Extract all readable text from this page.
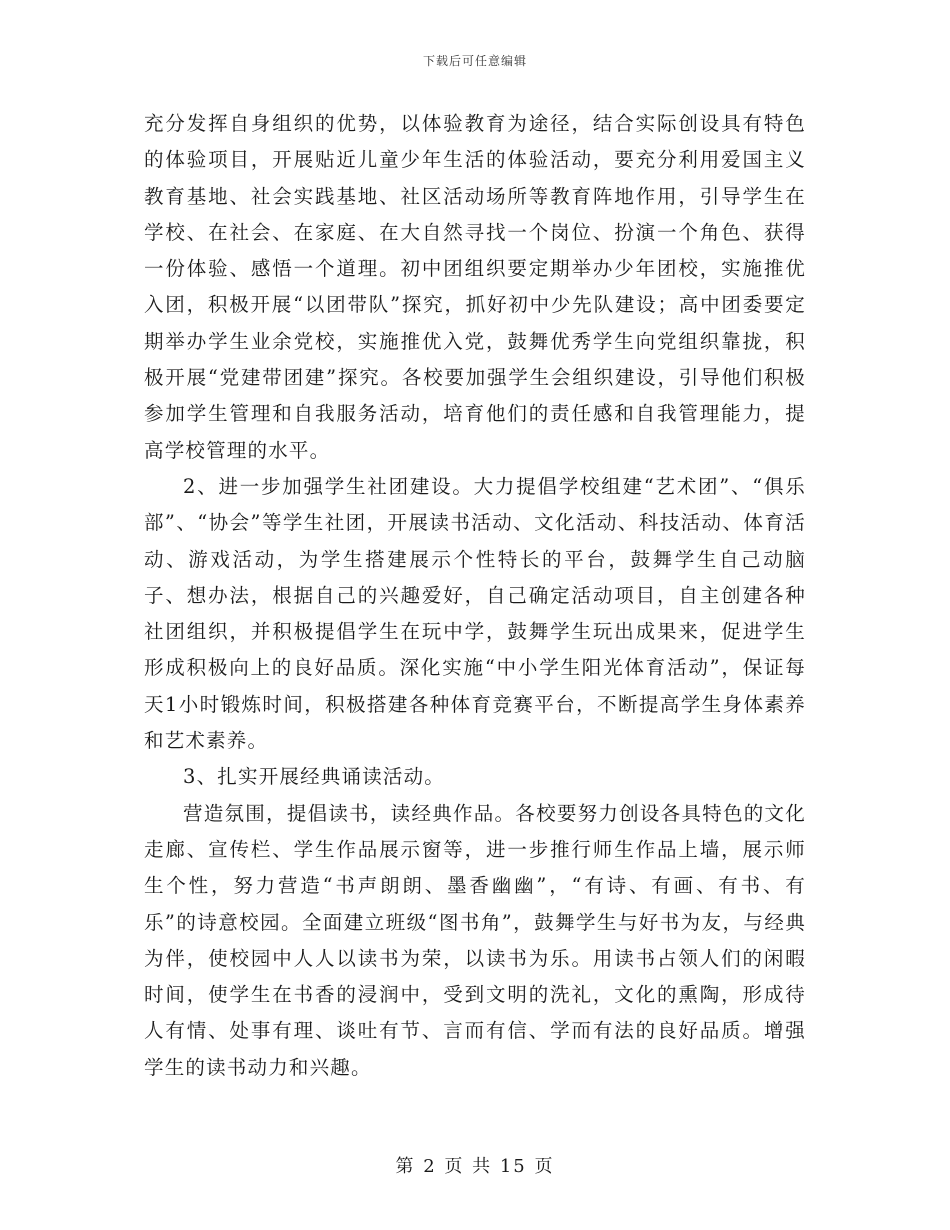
下载后可任意编辑

充分发挥自身组织的优势，以体验教育为途径，结合实际创设具有特色的体验项目，开展贴近儿童少年生活的体验活动，要充分利用爱国主义教育基地、社会实践基地、社区活动场所等教育阵地作用，引导学生在学校、在社会、在家庭、在大自然寻找一个岗位、扮演一个角色、获得一份体验、感悟一个道理。初中团组织要定期举办少年团校，实施推优入团，积极开展“以团带队”探究，抓好初中少先队建设；高中团委要定期举办学生业余党校，实施推优入党，鼓舞优秀学生向党组织靠拢，积极开展“党建带团建”探究。各校要加强学生会组织建设，引导他们积极参加学生管理和自我服务活动，培育他们的责任感和自我管理能力，提高学校管理的水平。

2、进一步加强学生社团建设。大力提倡学校组建“艺术团”、“俱乐部”、“协会”等学生社团，开展读书活动、文化活动、科技活动、体育活动、游戏活动，为学生搭建展示个性特长的平台，鼓舞学生自己动脑子、想办法，根据自己的兴趣爱好，自己确定活动项目，自主创建各种社团组织，并积极提倡学生在玩中学，鼓舞学生玩出成果来，促进学生形成积极向上的良好品质。深化实施“中小学生阳光体育活动”，保证每天1小时锻炼时间，积极搭建各种体育竞赛平台，不断提高学生身体素养和艺术素养。

3、扎实开展经典诵读活动。

营造氛围，提倡读书，读经典作品。各校要努力创设各具特色的文化走廊、宣传栏、学生作品展示窗等，进一步推行师生作品上墙，展示师生个性，努力营造“书声朗朗、墨香幽幽”，“有诗、有画、有书、有乐”的诗意校园。全面建立班级“图书角”，鼓舞学生与好书为友，与经典为伴，使校园中人人以读书为荣，以读书为乐。用读书占领人们的闲暇时间，使学生在书香的浸润中，受到文明的洗礼，文化的熏陶，形成待人有情、处事有理、谈吐有节、言而有信、学而有法的良好品质。增强学生的读书动力和兴趣。

第 2 页 共 15 页
